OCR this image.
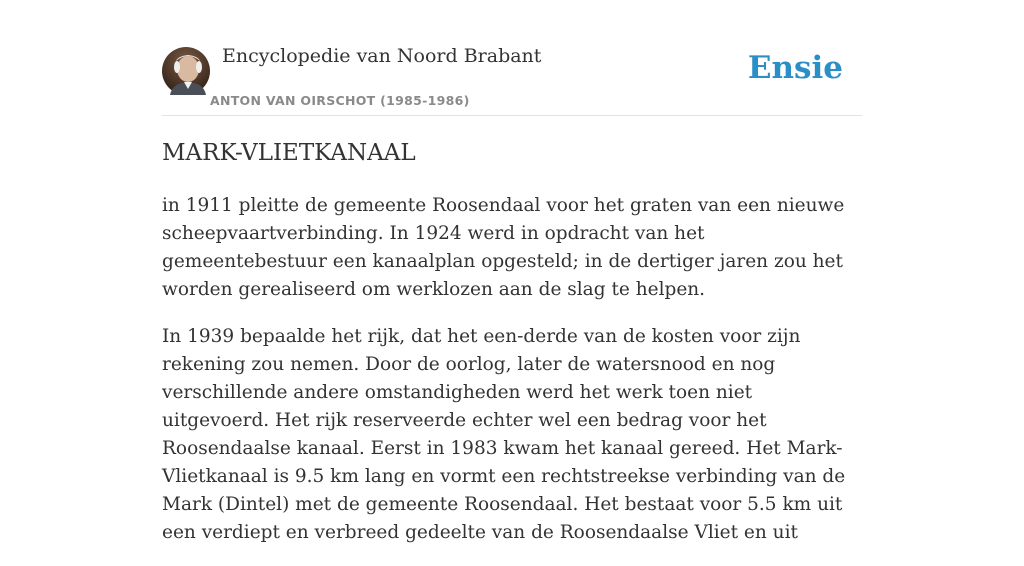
Encyclopedie van Noord Brabant
ANTON VAN OIRSCHOT (1985-1986)
Ensie
MARK-VLIETKANAAL

in 1911 pleitte de gemeente Roosendaal voor het graten van een nieuwe scheepvaartverbinding. In 1924 werd in opdracht van het gemeentebestuur een kanaalplan opgesteld; in de dertiger jaren zou het worden gerealiseerd om werklozen aan de slag te helpen.

In 1939 bepaalde het rijk, dat het een-derde van de kosten voor zijn rekening zou nemen. Door de oorlog, later de watersnood en nog verschillende andere omstandigheden werd het werk toen niet uitgevoerd. Het rijk reserveerde echter wel een bedrag voor het Roosendaalse kanaal. Eerst in 1983 kwam het kanaal gereed. Het Mark-Vlietkanaal is 9.5 km lang en vormt een rechtstreekse verbinding van de Mark (Dintel) met de gemeente Roosendaal. Het bestaat voor 5.5 km uit een verdiept en verbreed gedeelte van de Roosendaalse Vliet en uit
